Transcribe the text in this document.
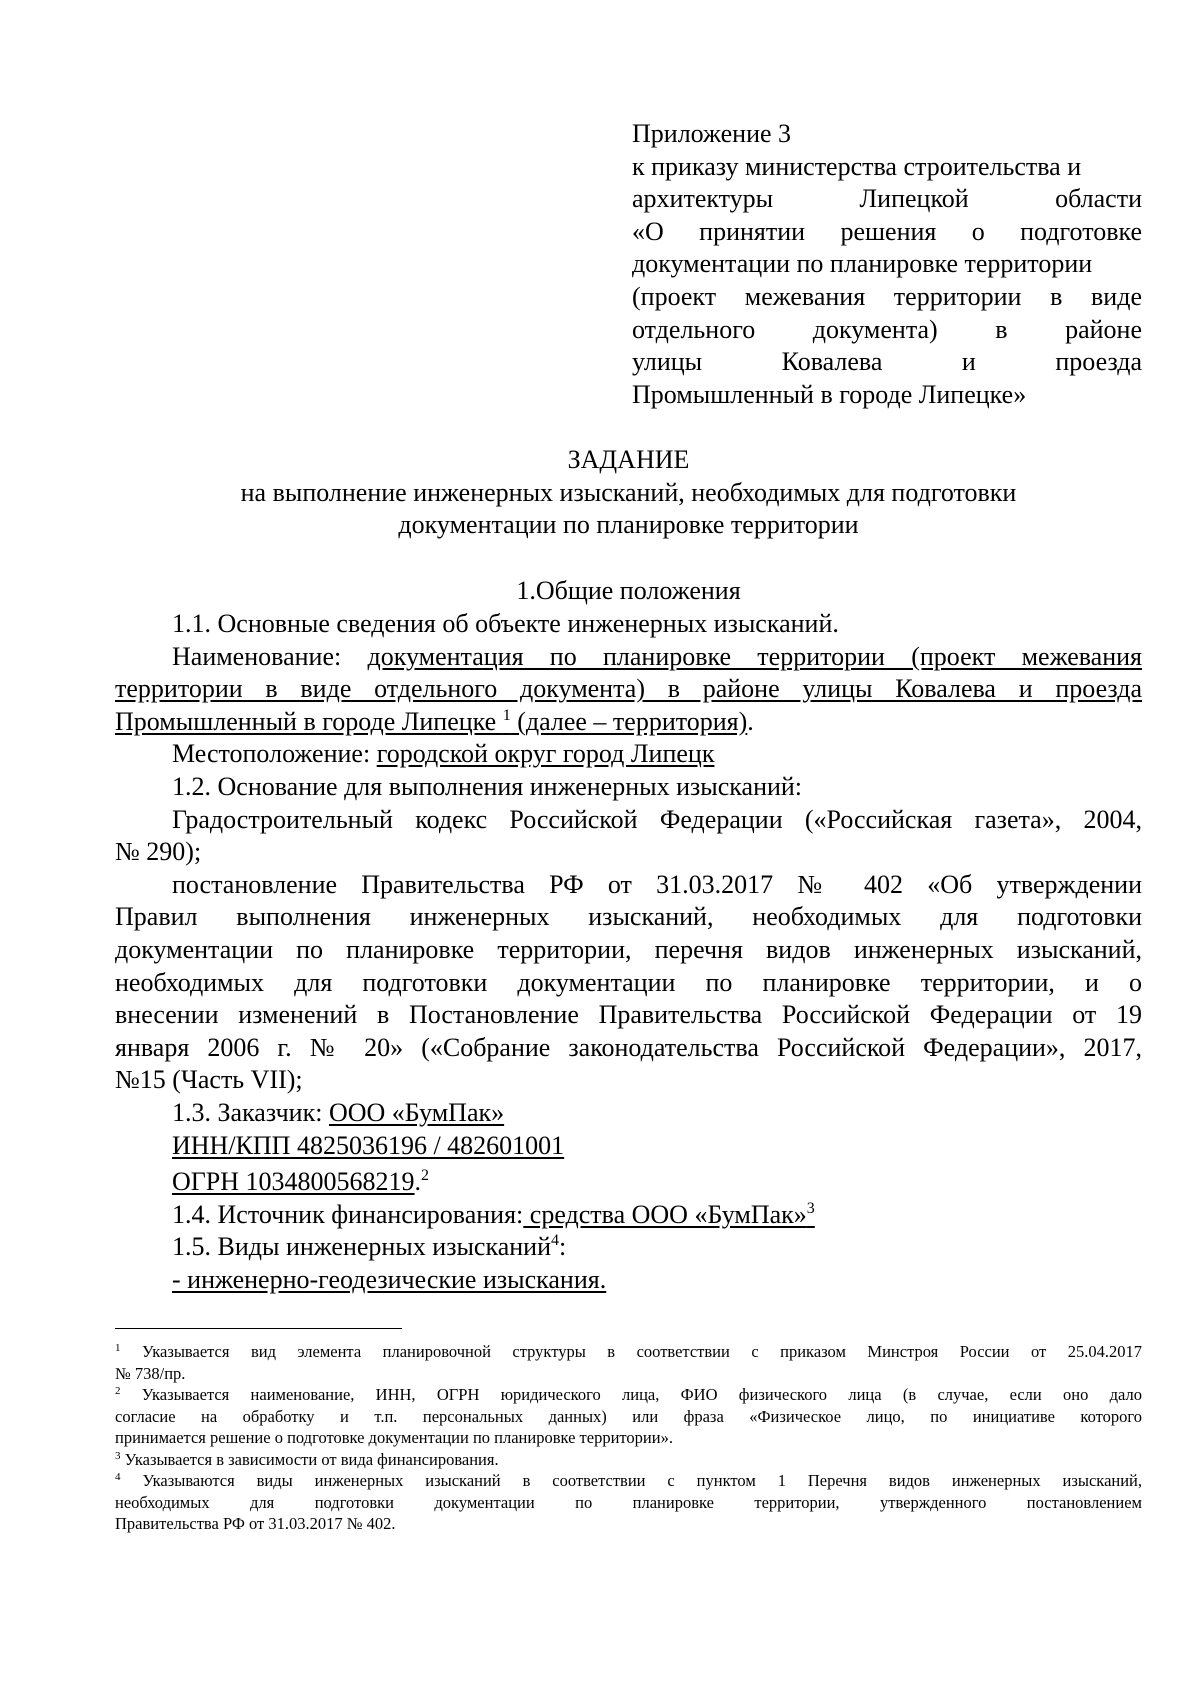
Приложение 3
к приказу министерства строительства и
архитектуры	Липецкой	области
«О принятии решения о подготовке
документации по планировке территории
(проект межевания территории в виде
отдельного документа) в районе
улицы	Ковалева	и	проезда
Промышленный в городе Липецке»
ЗАДАНИЕ
на выполнение инженерных изысканий, необходимых для подготовки
документации по планировке территории
1.Общие положения
1.1. Основные сведения об объекте инженерных изысканий.
Наименование: документация по планировке территории (проект межевания
территории в виде отдельного документа) в районе улицы Ковалева и проезда
Промышленный в городе Липецке $^1$ (далее – территория).
Местоположение: городской округ город Липецк
1.2. Основание для выполнения инженерных изысканий:
Градостроительный кодекс Российской Федерации («Российская газета», 2004,
№ 290);
постановление Правительства РФ от 31.03.2017 № 402 «Об утверждении
Правил выполнения инженерных изысканий, необходимых для подготовки
документации по планировке территории, перечня видов инженерных изысканий,
необходимых для подготовки документации по планировке территории, и о
внесении изменений в Постановление Правительства Российской Федерации от 19
января 2006 г. № 20» («Собрание законодательства Российской Федерации», 2017,
№15 (Часть VII);
1.3. Заказчик: ООО «БумПак»
ИНН/КПП 4825036196 / 482601001
ОГРН 1034800568219.$^2$
1.4. Источник финансирования: средства ООО «БумПак»$^3$
1.5. Виды инженерных изысканий$^4$:
- инженерно-геодезические изыскания.
$^1$ Указывается вид элемента планировочной структуры в соответствии с приказом Минстроя России от 25.04.2017
№ 738/пр.
$^2$ Указывается наименование, ИНН, ОГРН юридического лица, ФИО физического лица (в случае, если оно дало
согласие на обработку и т.п. персональных данных) или фраза «Физическое лицо, по инициативе которого
принимается решение о подготовке документации по планировке территории».
$^3$ Указывается в зависимости от вида финансирования.
$^4$ Указываются виды инженерных изысканий в соответствии с пунктом 1 Перечня видов инженерных изысканий,
необходимых для подготовки документации по планировке территории, утвержденного постановлением
Правительства РФ от 31.03.2017 № 402.
